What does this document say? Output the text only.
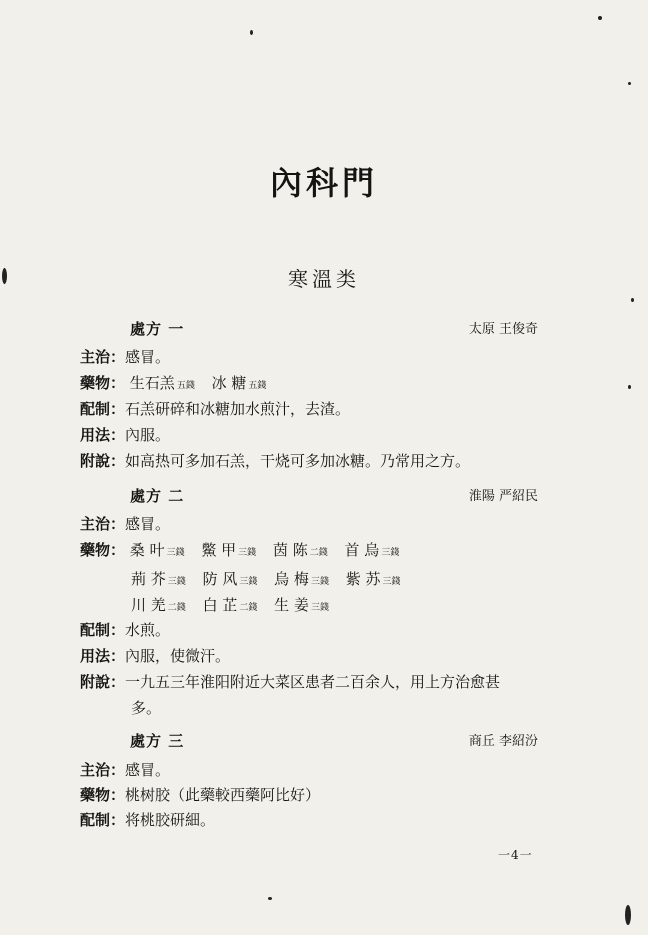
內科門
寒溫类
處方 一	太原 王俊奇
主治：感冒。
藥物： 生石羔 五錢 冰 糖 五錢
配制：石羔研碎和冰糖加水煎汁，去渣。
用法：內服。
附說：如高热可多加石羔，干烧可多加冰糖。乃常用之方。
處方 二	淮陽 严紹民
主治：感冒。
藥物： 桑 叶 三錢 鱉 甲 三錢 茵 陈 二錢 首 烏 三錢
荊 芥 三錢 防 风 三錢 烏 梅 三錢 紫 苏 三錢
川 羌 二錢 白 芷 二錢 生 姜 三錢
配制：水煎。
用法：內服，使微汗。
附說：一九五三年淮阳附近大菜区患者二百余人，用上方治愈甚
多。
處方 三	商丘 李紹汾
主治：感冒。
藥物：桃树胶（此藥較西藥阿比好）
配制：将桃胶研細。
一4一
